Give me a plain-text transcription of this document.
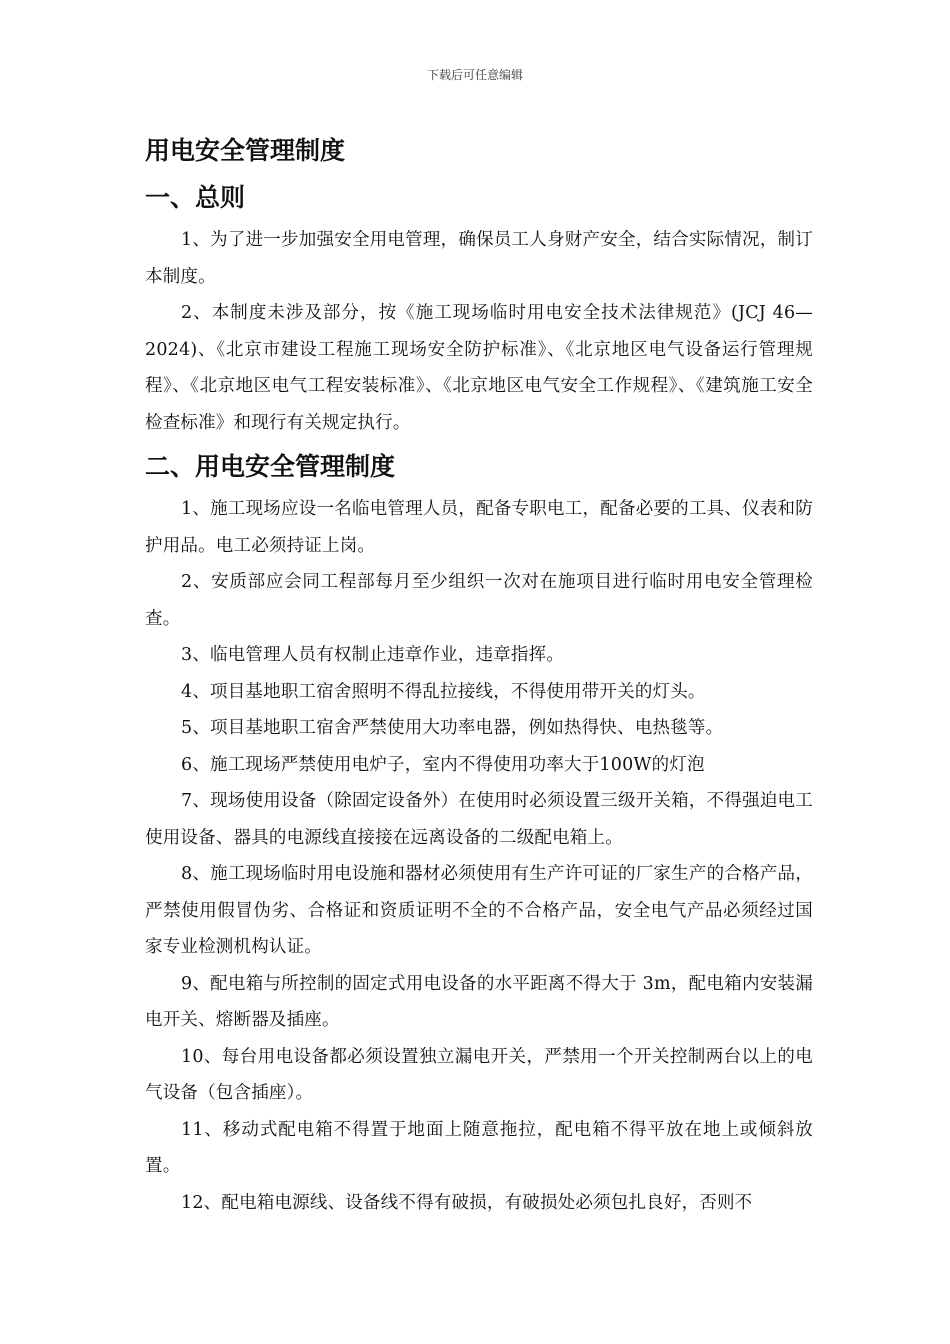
下载后可任意编辑
用电安全管理制度
一、总则

1、为了进一步加强安全用电管理，确保员工人身财产安全，结合实际情况，制订本制度。

2、本制度未涉及部分，按《施工现场临时用电安全技术法律规范》(JCJ 46—2024)、《北京市建设工程施工现场安全防护标准》、《北京地区电气设备运行管理规程》、《北京地区电气工程安装标准》、《北京地区电气安全工作规程》、《建筑施工安全检查标准》和现行有关规定执行。

二、用电安全管理制度

1、施工现场应设一名临电管理人员，配备专职电工，配备必要的工具、仪表和防护用品。电工必须持证上岗。

2、安质部应会同工程部每月至少组织一次对在施项目进行临时用电安全管理检查。

3、临电管理人员有权制止违章作业，违章指挥。

4、项目基地职工宿舍照明不得乱拉接线，不得使用带开关的灯头。

5、项目基地职工宿舍严禁使用大功率电器，例如热得快、电热毯等。

6、施工现场严禁使用电炉子，室内不得使用功率大于100W的灯泡

7、现场使用设备（除固定设备外）在使用时必须设置三级开关箱，不得强迫电工使用设备、器具的电源线直接接在远离设备的二级配电箱上。

8、施工现场临时用电设施和器材必须使用有生产许可证的厂家生产的合格产品，严禁使用假冒伪劣、合格证和资质证明不全的不合格产品，安全电气产品必须经过国家专业检测机构认证。

9、配电箱与所控制的固定式用电设备的水平距离不得大于 3m，配电箱内安装漏电开关、熔断器及插座。

10、每台用电设备都必须设置独立漏电开关，严禁用一个开关控制两台以上的电气设备（包含插座）。

11、移动式配电箱不得置于地面上随意拖拉，配电箱不得平放在地上或倾斜放置。

12、配电箱电源线、设备线不得有破损，有破损处必须包扎良好，否则不
